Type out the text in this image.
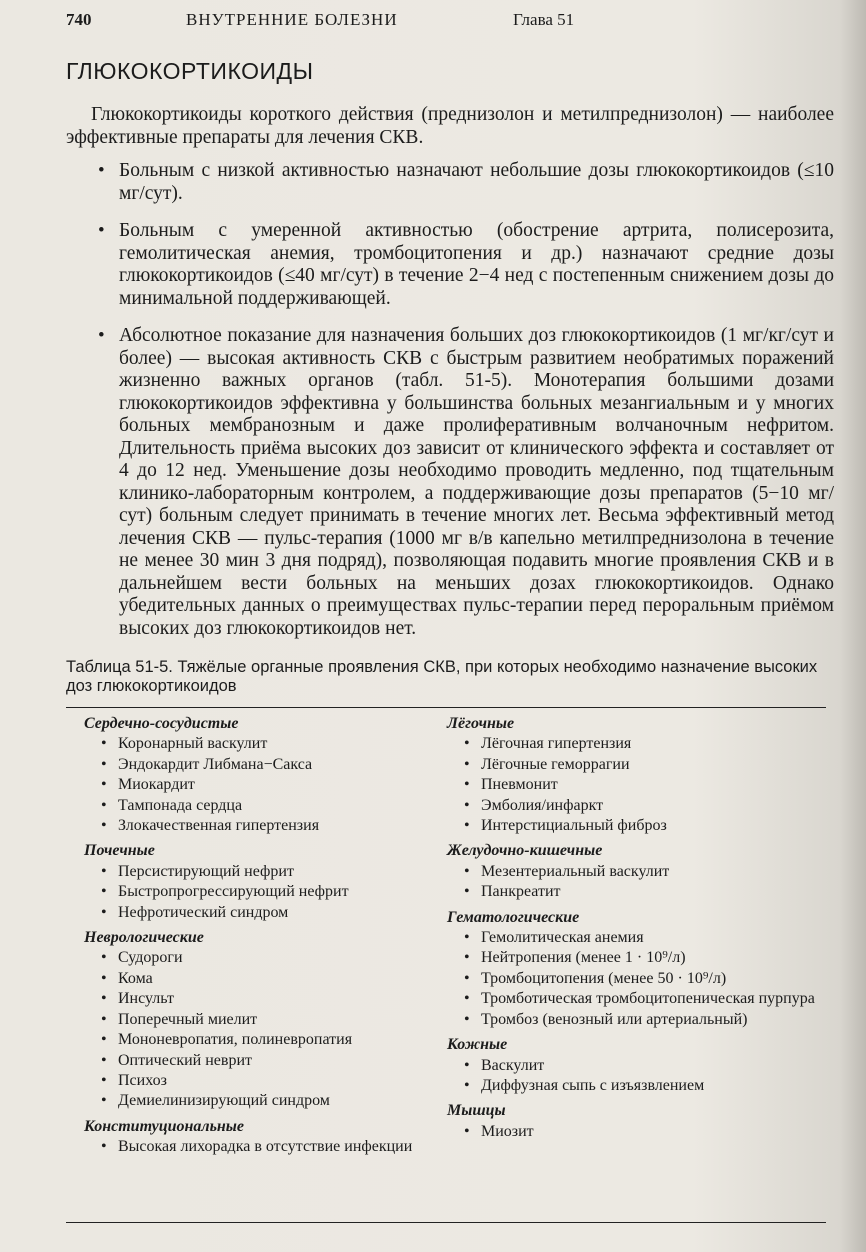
740	ВНУТРЕННИЕ БОЛЕЗНИ	Глава 51
ГЛЮКОКОРТИКОИДЫ
Глюкокортикоиды короткого действия (преднизолон и метилпреднизолон) — наиболее эффективные препараты для лечения СКВ.
• Больным с низкой активностью назначают небольшие дозы глюкокортикоидов (≤10 мг/сут).
• Больным с умеренной активностью (обострение артрита, полисерозита, гемолитическая анемия, тромбоцитопения и др.) назначают средние дозы глюкокортикоидов (≤40 мг/сут) в течение 2−4 нед с постепенным снижением дозы до минимальной поддерживающей.
• Абсолютное показание для назначения больших доз глюкокортикоидов (1 мг/кг/сут и более) — высокая активность СКВ с быстрым развитием необратимых поражений жизненно важных органов (табл. 51-5). Монотерапия большими дозами глюкокортикоидов эффективна у большинства больных мезангиальным и у многих больных мембранозным и даже пролиферативным волчаночным нефритом. Длительность приёма высоких доз зависит от клинического эффекта и составляет от 4 до 12 нед. Уменьшение дозы необходимо проводить медленно, под тщательным клинико-лабораторным контролем, а поддерживающие дозы препаратов (5−10 мг/сут) больным следует принимать в течение многих лет. Весьма эффективный метод лечения СКВ — пульс-терапия (1000 мг в/в капельно метилпреднизолона в течение не менее 30 мин 3 дня подряд), позволяющая подавить многие проявления СКВ и в дальнейшем вести больных на меньших дозах глюкокортикоидов. Однако убедительных данных о преимуществах пульс-терапии перед пероральным приёмом высоких доз глюкокортикоидов нет.
Таблица 51-5. Тяжёлые органные проявления СКВ, при которых необходимо назначение высоких доз глюкокортикоидов
Сердечно-сосудистые
• Коронарный васкулит
• Эндокардит Либмана−Сакса
• Миокардит
• Тампонада сердца
• Злокачественная гипертензия
Почечные
• Персистирующий нефрит
• Быстропрогрессирующий нефрит
• Нефротический синдром
Неврологические
• Судороги
• Кома
• Инсульт
• Поперечный миелит
• Мононевропатия, полиневропатия
• Оптический неврит
• Психоз
• Демиелинизирующий синдром
Конституциональные
• Высокая лихорадка в отсутствие инфекции
Лёгочные
• Лёгочная гипертензия
• Лёгочные геморрагии
• Пневмонит
• Эмболия/инфаркт
• Интерстициальный фиброз
Желудочно-кишечные
• Мезентериальный васкулит
• Панкреатит
Гематологические
• Гемолитическая анемия
• Нейтропения (менее 1 · 10⁹/л)
• Тромбоцитопения (менее 50 · 10⁹/л)
• Тромботическая тромбоцитопеническая пурпура
• Тромбоз (венозный или артериальный)
Кожные
• Васкулит
• Диффузная сыпь с изъязвлением
Мышцы
• Миозит
